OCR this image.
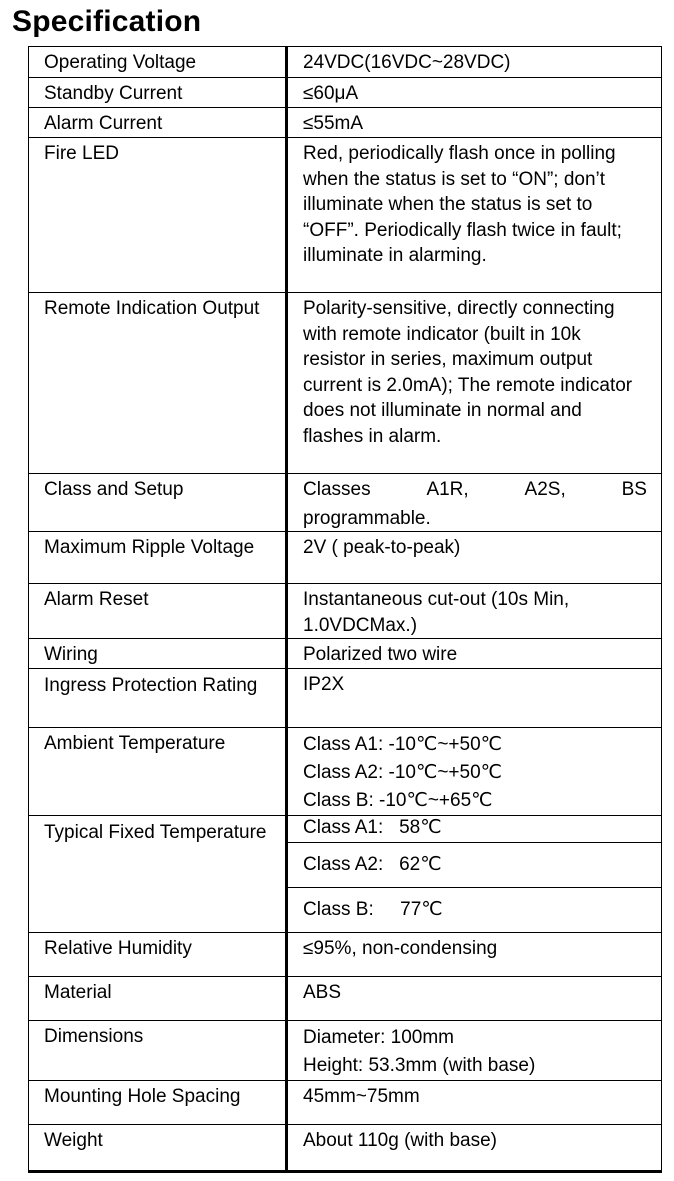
Specification
Operating Voltage	24VDC(16VDC~28VDC)
Standby Current	≤60μA
Alarm Current	≤55mA
Fire LED	Red, periodically flash once in polling when the status is set to “ON”; don’t illuminate when the status is set to “OFF”. Periodically flash twice in fault; illuminate in alarming.
Remote Indication Output	Polarity-sensitive, directly connecting with remote indicator (built in 10k resistor in series, maximum output current is 2.0mA); The remote indicator does not illuminate in normal and flashes in alarm.
Class and Setup	Classes A1R, A2S, BS
programmable.

Maximum Ripple Voltage	2V ( peak-to-peak)
Alarm Reset	Instantaneous cut-out (10s Min, 1.0VDCMax.)
Wiring	Polarized two wire
Ingress Protection Rating	IP2X
Ambient Temperature	Class A1: -10℃~+50℃
Class A2: -10℃~+50℃
Class B: -10℃~+65℃

Typical Fixed Temperature	Class A1:   58℃
Class A2:   62℃
Class B:     77℃

Relative Humidity	≤95%, non-condensing
Material	ABS
Dimensions	Diameter: 100mm
Height: 53.3mm (with base)

Mounting Hole Spacing	45mm~75mm
Weight	About 110g (with base)
